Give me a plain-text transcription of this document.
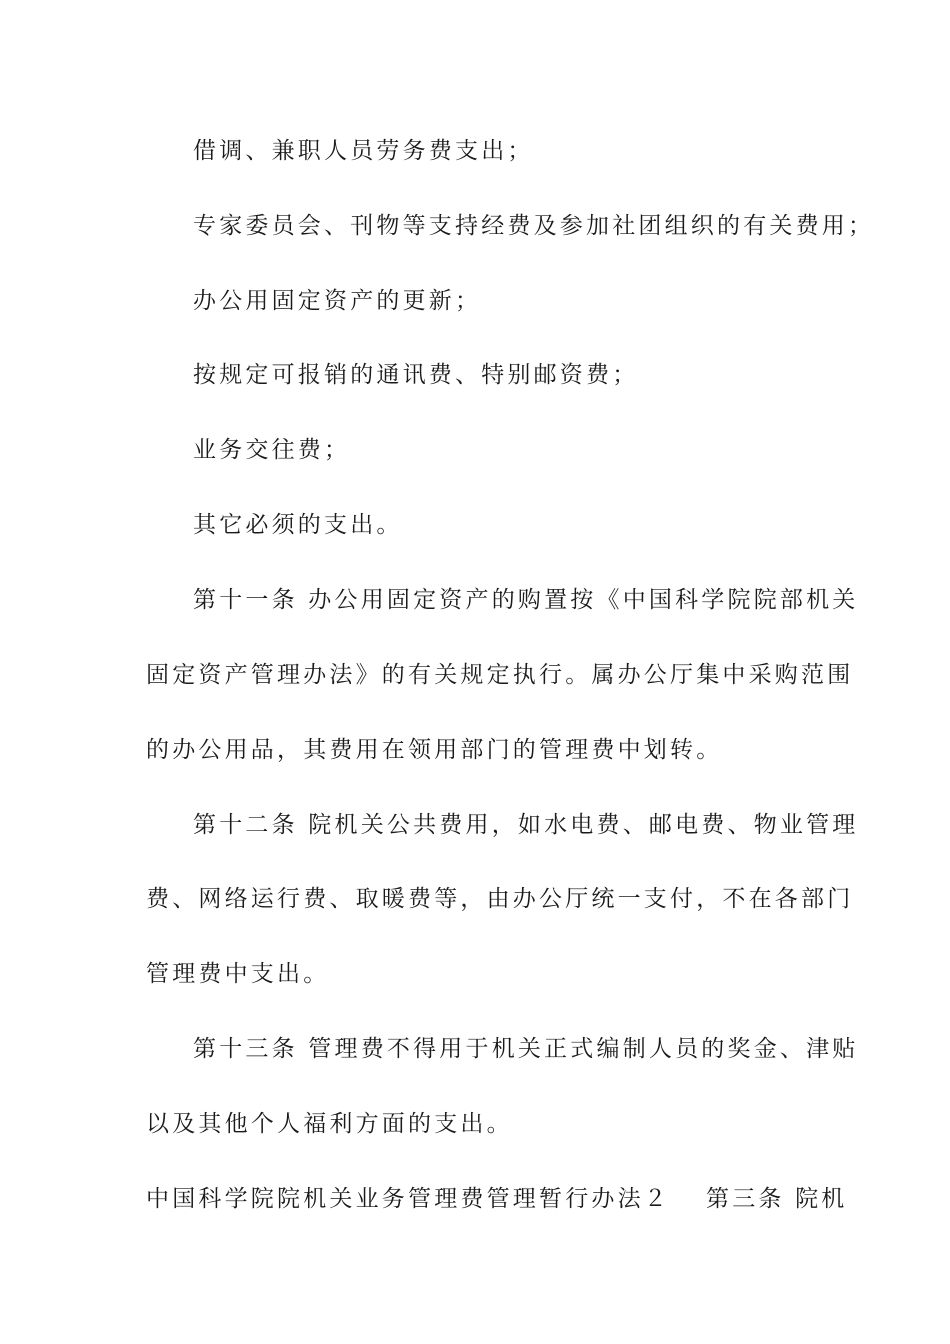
借调、兼职人员劳务费支出；
专家委员会、刊物等支持经费及参加社团组织的有关费用；
办公用固定资产的更新；
按规定可报销的通讯费、特别邮资费；
业务交往费；
其它必须的支出。
第十一条 办公用固定资产的购置按《中国科学院院部机关
固定资产管理办法》的有关规定执行。属办公厅集中采购范围
的办公用品，其费用在领用部门的管理费中划转。
第十二条 院机关公共费用，如水电费、邮电费、物业管理
费、网络运行费、取暖费等，由办公厅统一支付，不在各部门
管理费中支出。
第十三条 管理费不得用于机关正式编制人员的奖金、津贴
以及其他个人福利方面的支出。
中国科学院院机关业务管理费管理暂行办法２ 第三条 院机
